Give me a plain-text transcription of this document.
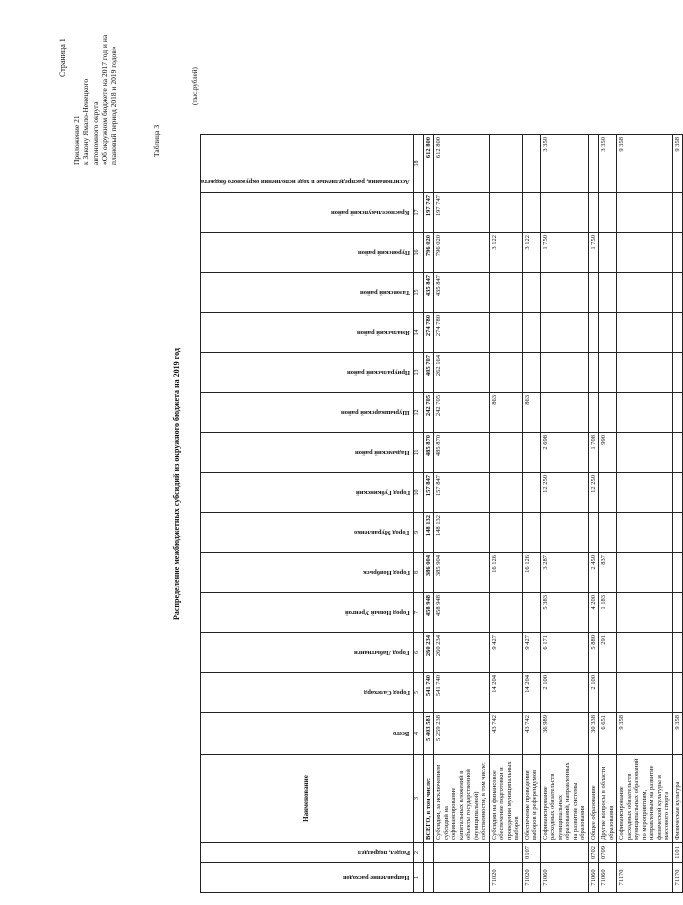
Страница 1
Приложение 21 к Закону Ямало-Ненецкого автономного округа «Об окружном бюджете на 2017 год и на плановый период 2018 и 2019 годов»	Таблица 3
Распределение межбюджетных субсидий из окружного бюджета на 2019 год
(тыс.рублей)
Направление расходов	Раздел, подраздел	Наименование	Всего	Город Салехард	Город Лабытнанги	Город Новый Уренгой	Город Ноябрьск	Город Муравленко	Город Губкинский	Надымский район	Шурышкарский район	Приуральский район	Ямальский район	Тазовский район	Пуровский район	Красноселькупский район	Ассигнования, распределяемые в ходе исполнения окружного бюджета

1	2	3	4	5	6	7	8	9	10	11	12	13	14	15	16	17	18
		ВСЕГО, в том числе:	5 403 581	541 740	260 234	458 948	386 004	148 132	157 847	485 870	242 705	405 707	274 780	435 847	796 020	197 747	612 800
		Субсидии, за исключением субсидий на софинансирование капитальных вложений в объекты государственной (муниципальной) собственности, в том числе:	5 259 238	541 740	260 234	458 948	385 904	148 132	157 847	485 870	242 705	262 164	274 780	435 847	796 020	197 747	612 800
71020		Субсидии на финансовое обеспечение подготовки и проведения муниципальных выборов	43 742	14 204	9 427		16 126				863				3 122		
71020	0107	Обеспечение проведения выборов и референдумов	43 742	14 204	9 427		16 126				863				3 122		
71060		Софинансирование расходных обязательств муниципальных образований, направленных на развитие системы образования	36 989	2 100	6 171	5 383	3 287		12 250	2 698					1 750		3 350
71060	0702	Общее образование	30 338	2 100	5 880	4 200	2 450		12 250	1 708					1 750		
71060	0709	Другие вопросы в области образования	6 651		291	1 183	837			990							3 350
71170		Софинансирование расходных обязательств муниципальных образований по мероприятиям, направленным на развитие физической культуры и массового спорта	9 358														9 358
71170	1101	Физическая культура	9 358														9 358
